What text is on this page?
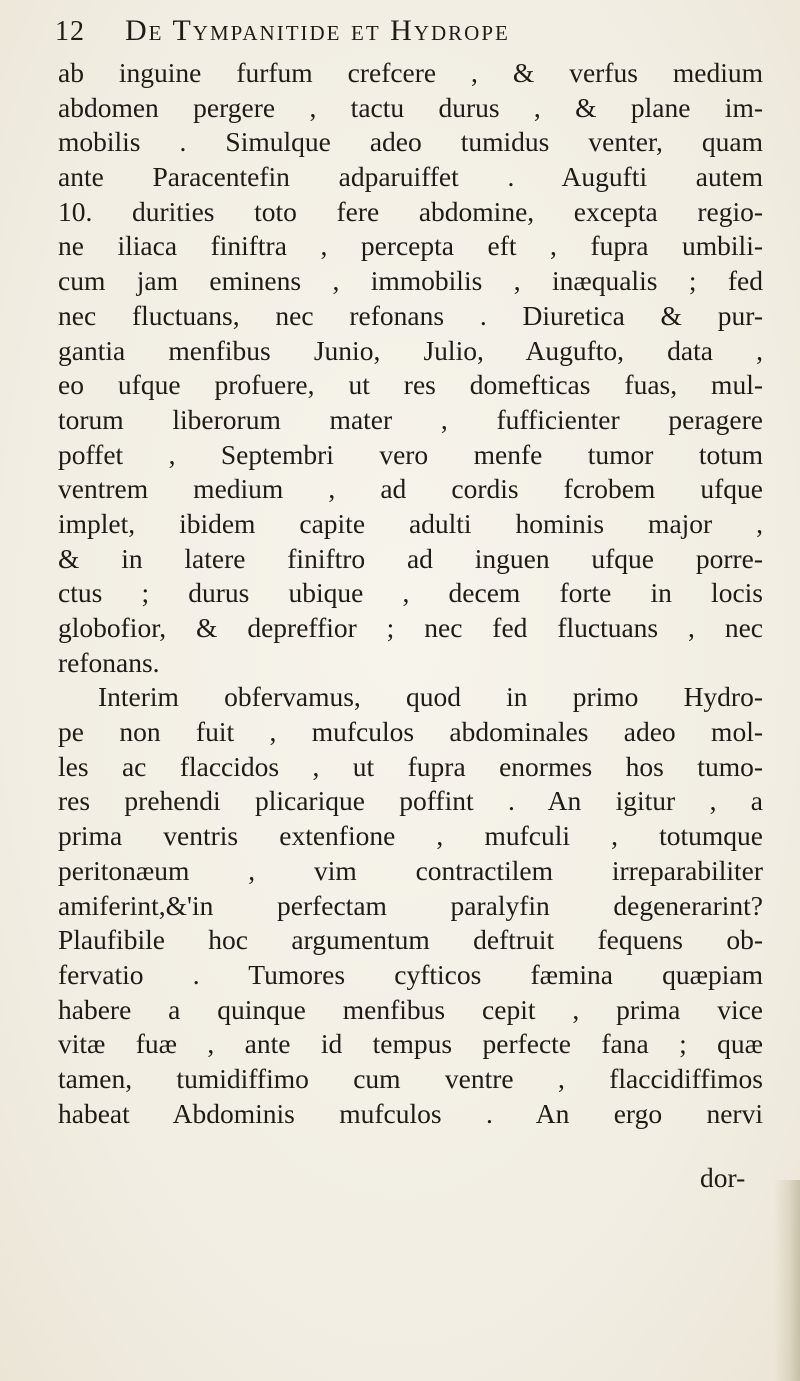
12 De Tympanitide et Hydrope
ab inguine furfum crefcere , & verfus medium
abdomen pergere , tactu durus , & plane im-
mobilis . Simulque adeo tumidus venter, quam
ante Paracentefin adparuiffet . Augufti autem
10. durities toto fere abdomine, excepta regio-
ne iliaca finiftra , percepta eft , fupra umbili-
cum jam eminens , immobilis , inæqualis ; fed
nec fluctuans, nec refonans . Diuretica & pur-
gantia menfibus Junio, Julio, Augufto, data ,
eo ufque profuere, ut res domefticas fuas, mul-
torum liberorum mater , fufficienter peragere
poffet , Septembri vero menfe tumor totum
ventrem medium , ad cordis fcrobem ufque
implet, ibidem capite adulti hominis major ,
& in latere finiftro ad inguen ufque porre-
ctus ; durus ubique , decem forte in locis
globofior, & depreffior ; nec fed fluctuans , nec
refonans.
Interim obfervamus, quod in primo Hydro-
pe non fuit , mufculos abdominales adeo mol-
les ac flaccidos , ut fupra enormes hos tumo-
res prehendi plicarique poffint . An igitur , a
prima ventris extenfione , mufculi , totumque
peritonæum , vim contractilem irreparabiliter
amiferint,&'in perfectam paralyfin degenerarint?
Plaufibile hoc argumentum deftruit fequens ob-
fervatio . Tumores cyfticos fæmina quæpiam
habere a quinque menfibus cepit , prima vice
vitæ fuæ , ante id tempus perfecte fana ; quæ
tamen, tumidiffimo cum ventre , flaccidiffimos
habeat Abdominis mufculos . An ergo nervi
dor-
